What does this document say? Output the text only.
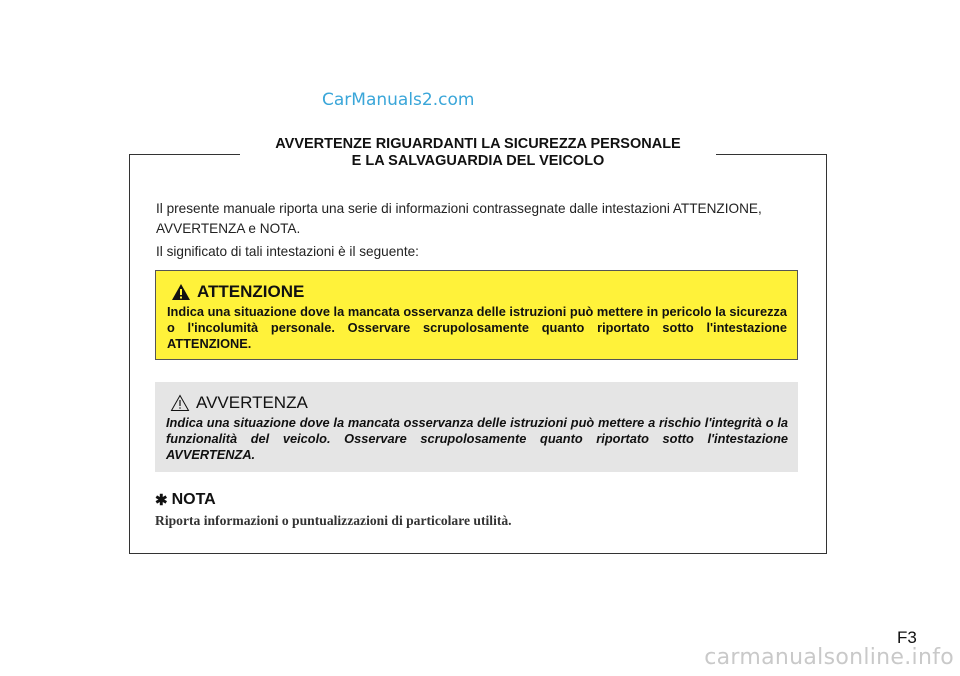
CarManuals2.com
AVVERTENZE RIGUARDANTI LA SICUREZZA PERSONALE
E LA SALVAGUARDIA DEL VEICOLO

Il presente manuale riporta una serie di informazioni contrassegnate dalle intestazioni ATTENZIONE, AVVERTENZA e NOTA.

Il significato di tali intestazioni è il seguente:

ATTENZIONE
Indica una situazione dove la mancata osservanza delle istruzioni può mettere in pericolo la sicurezza o l'incolumità personale. Osservare scrupolosamente quanto riportato sotto l'intestazione ATTENZIONE.
AVVERTENZA
Indica una situazione dove la mancata osservanza delle istruzioni può mettere a rischio l'integrità o la funzionalità del veicolo. Osservare scrupolosamente quanto riportato sotto l'intestazione AVVERTENZA.
✱ NOTA
Riporta informazioni o puntualizzazioni di particolare utilità.
F3
carmanualsonline.info
